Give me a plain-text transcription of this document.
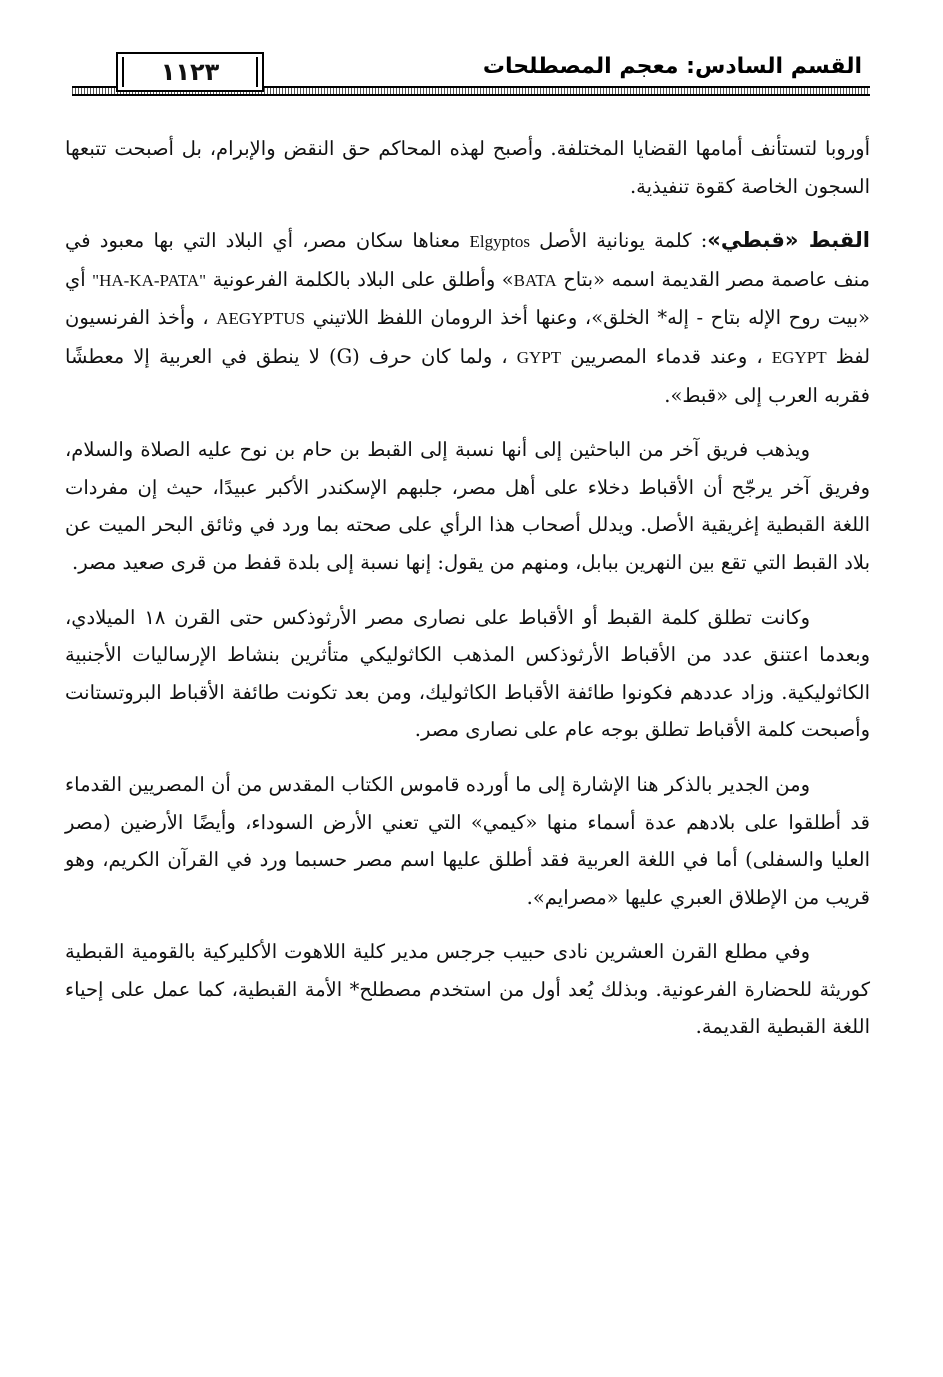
١١٢٣	القسم السادس: معجم المصطلحات

أوروبا لتستأنف أمامها القضايا المختلفة. وأصبح لهذه المحاكم حق النقض والإبرام، بل أصبحت تتبعها السجون الخاصة كقوة تنفيذية.

القبط «قبطي»: كلمة يونانية الأصل Elgyptos معناها سكان مصر، أي البلاد التي بها معبود في منف عاصمة مصر القديمة اسمه «بتاح BATA» وأطلق على البلاد بالكلمة الفرعونية "HA-KA-PATA" أي «بيت روح الإله بتاح - إله* الخلق»، وعنها أخذ الرومان اللفظ اللاتيني AEGYPTUS ، وأخذ الفرنسيون لفظ EGYPT ، وعند قدماء المصريين GYPT ، ولما كان حرف (G) لا ينطق في العربية إلا معطشًا فقربه العرب إلى «قبط».

ويذهب فريق آخر من الباحثين إلى أنها نسبة إلى القبط بن حام بن نوح عليه الصلاة والسلام، وفريق آخر يرجّح أن الأقباط دخلاء على أهل مصر، جلبهم الإسكندر الأكبر عبيدًا، حيث إن مفردات اللغة القبطية إغريقية الأصل. ويدلل أصحاب هذا الرأي على صحته بما ورد في وثائق البحر الميت عن بلاد القبط التي تقع بين النهرين ببابل، ومنهم من يقول: إنها نسبة إلى بلدة قفط من قرى صعيد مصر.

وكانت تطلق كلمة القبط أو الأقباط على نصارى مصر الأرثوذكس حتى القرن ١٨ الميلادي، وبعدما اعتنق عدد من الأقباط الأرثوذكس المذهب الكاثوليكي متأثرين بنشاط الإرساليات الأجنبية الكاثوليكية. وزاد عددهم فكونوا طائفة الأقباط الكاثوليك، ومن بعد تكونت طائفة الأقباط البروتستانت وأصبحت كلمة الأقباط تطلق بوجه عام على نصارى مصر.

ومن الجدير بالذكر هنا الإشارة إلى ما أورده قاموس الكتاب المقدس من أن المصريين القدماء قد أطلقوا على بلادهم عدة أسماء منها «كيمي» التي تعني الأرض السوداء، وأيضًا الأرضين (مصر العليا والسفلى) أما في اللغة العربية فقد أطلق عليها اسم مصر حسبما ورد في القرآن الكريم، وهو قريب من الإطلاق العبري عليها «مصرايم».

وفي مطلع القرن العشرين نادى حبيب جرجس مدير كلية اللاهوت الأكليركية بالقومية القبطية كوريثة للحضارة الفرعونية. وبذلك يُعد أول من استخدم مصطلح* الأمة القبطية، كما عمل على إحياء اللغة القبطية القديمة.
